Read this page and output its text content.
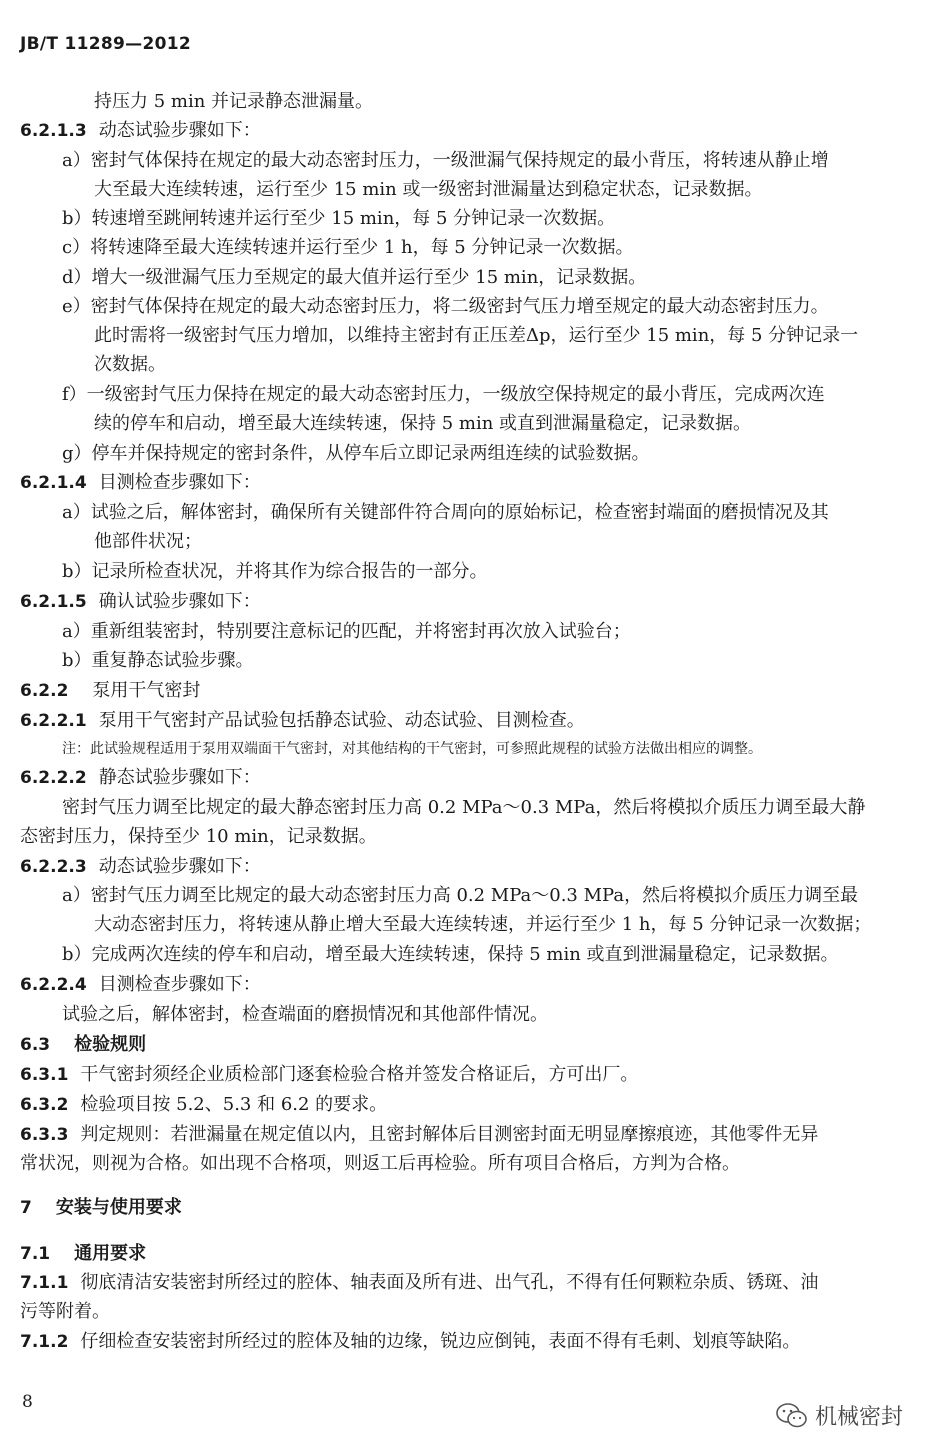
JB/T 11289—2012
持压力 5 min 并记录静态泄漏量。
6.2.1.3 动态试验步骤如下：
a）密封气体保持在规定的最大动态密封压力，一级泄漏气保持规定的最小背压，将转速从静止增
大至最大连续转速，运行至少 15 min 或一级密封泄漏量达到稳定状态，记录数据。
b）转速增至跳闸转速并运行至少 15 min，每 5 分钟记录一次数据。
c）将转速降至最大连续转速并运行至少 1 h，每 5 分钟记录一次数据。
d）增大一级泄漏气压力至规定的最大值并运行至少 15 min，记录数据。
e）密封气体保持在规定的最大动态密封压力，将二级密封气压力增至规定的最大动态密封压力。
此时需将一级密封气压力增加，以维持主密封有正压差Δp，运行至少 15 min，每 5 分钟记录一
次数据。
f）一级密封气压力保持在规定的最大动态密封压力，一级放空保持规定的最小背压，完成两次连
续的停车和启动，增至最大连续转速，保持 5 min 或直到泄漏量稳定，记录数据。
g）停车并保持规定的密封条件，从停车后立即记录两组连续的试验数据。
6.2.1.4 目测检查步骤如下：
a）试验之后，解体密封，确保所有关键部件符合周向的原始标记，检查密封端面的磨损情况及其
他部件状况；
b）记录所检查状况，并将其作为综合报告的一部分。
6.2.1.5 确认试验步骤如下：
a）重新组装密封，特别要注意标记的匹配，并将密封再次放入试验台；
b）重复静态试验步骤。
6.2.2 泵用干气密封
6.2.2.1 泵用干气密封产品试验包括静态试验、动态试验、目测检查。
注：此试验规程适用于泵用双端面干气密封，对其他结构的干气密封，可参照此规程的试验方法做出相应的调整。
6.2.2.2 静态试验步骤如下：
密封气压力调至比规定的最大静态密封压力高 0.2 MPa～0.3 MPa，然后将模拟介质压力调至最大静
态密封压力，保持至少 10 min，记录数据。
6.2.2.3 动态试验步骤如下：
a）密封气压力调至比规定的最大动态密封压力高 0.2 MPa～0.3 MPa，然后将模拟介质压力调至最
大动态密封压力，将转速从静止增大至最大连续转速，并运行至少 1 h，每 5 分钟记录一次数据；
b）完成两次连续的停车和启动，增至最大连续转速，保持 5 min 或直到泄漏量稳定，记录数据。
6.2.2.4 目测检查步骤如下：
试验之后，解体密封，检查端面的磨损情况和其他部件情况。
6.3 检验规则
6.3.1 干气密封须经企业质检部门逐套检验合格并签发合格证后，方可出厂。
6.3.2 检验项目按 5.2、5.3 和 6.2 的要求。
6.3.3 判定规则：若泄漏量在规定值以内，且密封解体后目测密封面无明显摩擦痕迹，其他零件无异
常状况，则视为合格。如出现不合格项，则返工后再检验。所有项目合格后，方判为合格。
7 安装与使用要求
7.1 通用要求
7.1.1 彻底清洁安装密封所经过的腔体、轴表面及所有进、出气孔，不得有任何颗粒杂质、锈斑、油
污等附着。
7.1.2 仔细检查安装密封所经过的腔体及轴的边缘，锐边应倒钝，表面不得有毛刺、划痕等缺陷。
8
机械密封
